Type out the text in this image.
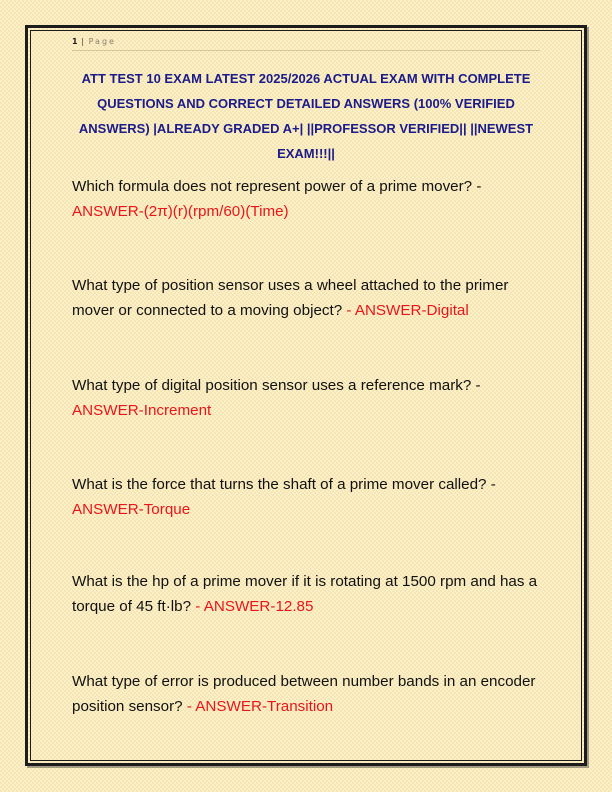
1 | Page
ATT TEST 10 EXAM LATEST 2025/2026 ACTUAL EXAM WITH COMPLETE QUESTIONS AND CORRECT DETAILED ANSWERS (100% VERIFIED ANSWERS) |ALREADY GRADED A+| ||PROFESSOR VERIFIED|| ||NEWEST EXAM!!!||

Which formula does not represent power of a prime mover? -
ANSWER-(2π)(r)(rpm/60)(Time)

What type of position sensor uses a wheel attached to the primer mover or connected to a moving object? - ANSWER-Digital

What type of digital position sensor uses a reference mark? -
ANSWER-Increment

What is the force that turns the shaft of a prime mover called? -
ANSWER-Torque

What is the hp of a prime mover if it is rotating at 1500 rpm and has a torque of 45 ft·lb? - ANSWER-12.85

What type of error is produced between number bands in an encoder position sensor? - ANSWER-Transition
